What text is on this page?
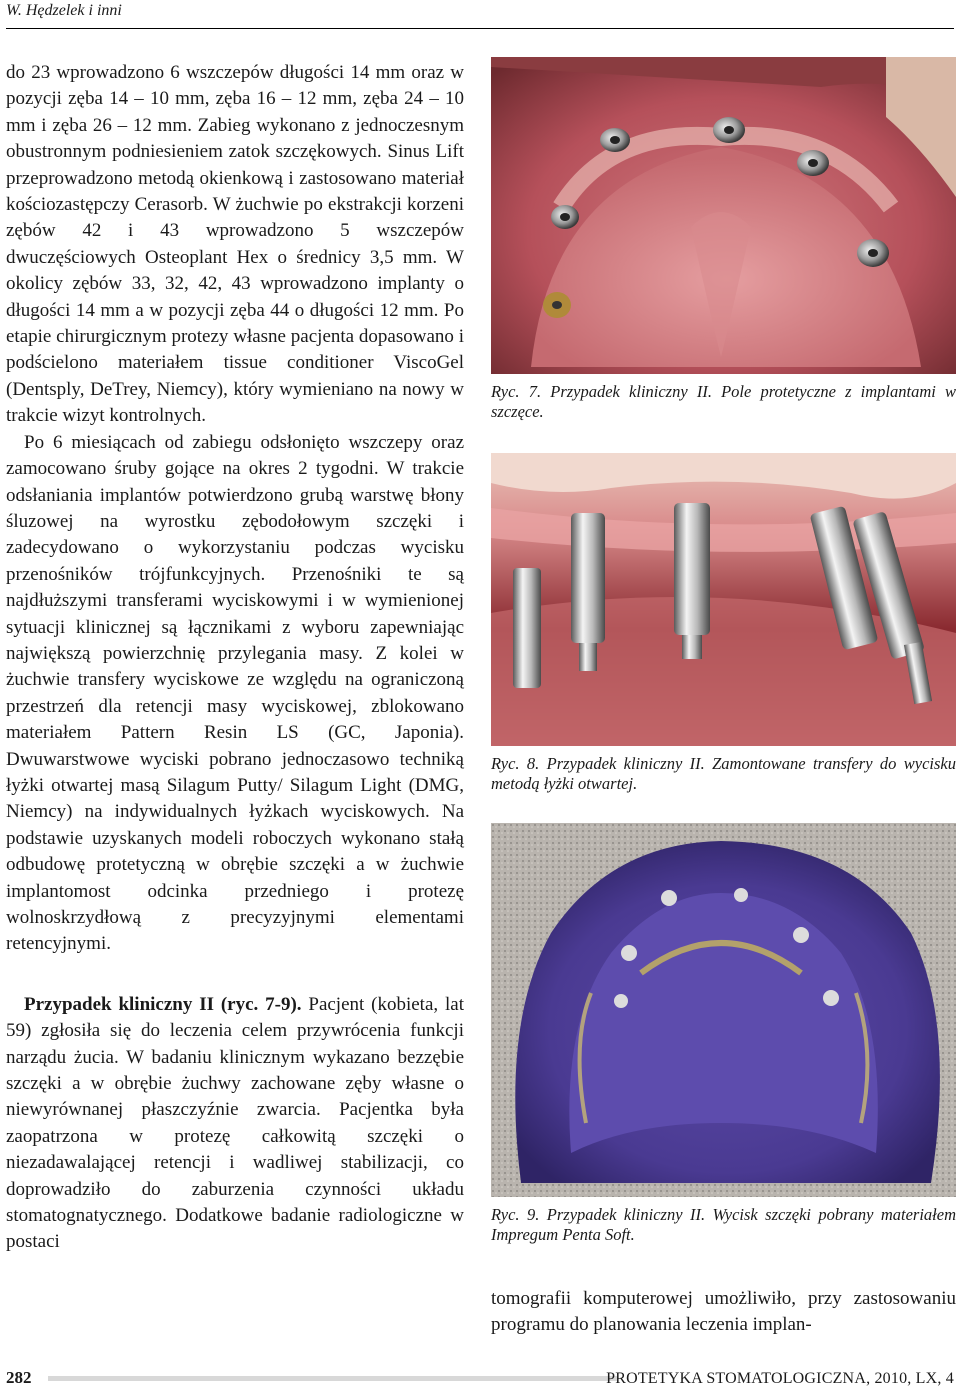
W. Hędzelek i inni

do 23 wprowadzono 6 wszczepów długości 14 mm oraz w pozycji zęba 14 – 10 mm, zęba 16 – 12 mm, zęba 24 – 10 mm i zęba 26 – 12 mm. Zabieg wykonano z jednoczesnym obustronnym podniesieniem zatok szczękowych. Sinus Lift przeprowadzono metodą okienkową i zastosowano materiał kościozastępczy Cerasorb. W żuchwie po ekstrakcji korzeni zębów 42 i 43 wprowadzono 5 wszczepów dwuczęściowych Osteoplant Hex o średnicy 3,5 mm. W okolicy zębów 33, 32, 42, 43 wprowadzono implanty o długości 14 mm a w pozycji zęba 44 o długości 12 mm. Po etapie chirurgicznym protezy własne pacjenta dopasowano i podścielono materiałem tissue conditioner ViscoGel (Dentsply, DeTrey, Niemcy), który wymieniano na nowy w trakcie wizyt kontrolnych.

Po 6 miesiącach od zabiegu odsłonięto wszczepy oraz zamocowano śruby gojące na okres 2 tygodni. W trakcie odsłaniania implantów potwierdzono grubą warstwę błony śluzowej na wyrostku zębodołowym szczęki i zadecydowano o wykorzystaniu podczas wycisku przenośników trójfunkcyjnych. Przenośniki te są najdłuższymi transferami wyciskowymi i w wymienionej sytuacji klinicznej są łącznikami z wyboru zapewniając największą powierzchnię przylegania masy. Z kolei w żuchwie transfery wyciskowe ze względu na ograniczoną przestrzeń dla retencji masy wyciskowej, zblokowano materiałem Pattern Resin LS (GC, Japonia). Dwuwarstwowe wyciski pobrano jednoczasowo techniką łyżki otwartej masą Silagum Putty/ Silagum Light (DMG, Niemcy) na indywidualnych łyżkach wyciskowych. Na podstawie uzyskanych modeli roboczych wykonano stałą odbudowę protetyczną w obrębie szczęki a w żuchwie implantomost odcinka przedniego i protezę wolnoskrzydłową z precyzyjnymi elementami retencyjnymi.

Przypadek kliniczny II (ryc. 7-9). Pacjent (kobieta, lat 59) zgłosiła się do leczenia celem przywrócenia funkcji narządu żucia. W badaniu klinicznym wykazano bezzębie szczęki a w obrębie żuchwy zachowane zęby własne o niewyrównanej płaszczyźnie zwarcia. Pacjentka była zaopatrzona w protezę całkowitą szczęki o niezadawalającej retencji i wadliwej stabilizacji, co doprowadziło do zaburzenia czynności układu stomatognatycznego. Dodatkowe badanie radiologiczne w postaci

Ryc. 7. Przypadek kliniczny II. Pole protetyczne z implantami w szczęce.
Ryc. 8. Przypadek kliniczny II. Zamontowane transfery do wycisku metodą łyżki otwartej.
Ryc. 9. Przypadek kliniczny II. Wycisk szczęki pobrany materiałem Impregum Penta Soft.

tomografii komputerowej umożliwiło, przy zastosowaniu programu do planowania leczenia implan-

282	PROTETYKA STOMATOLOGICZNA, 2010, LX, 4
